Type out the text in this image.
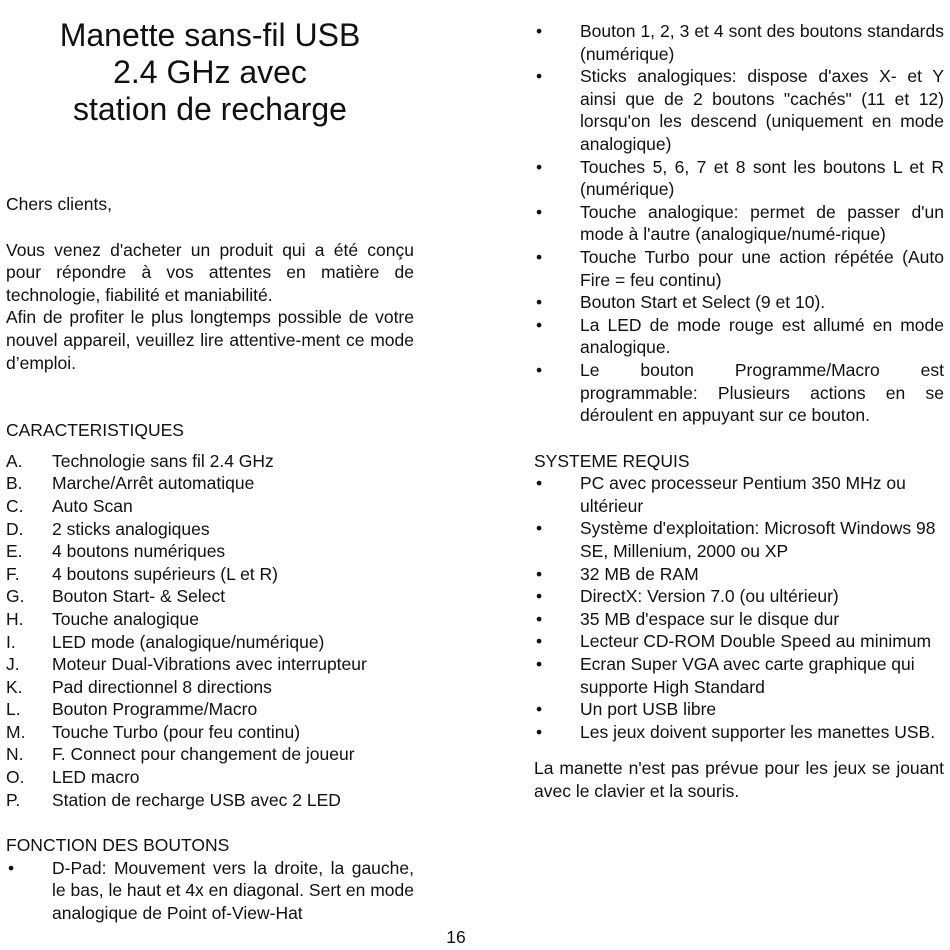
Manette sans-fil USB
2.4 GHz avec
station de recharge

Chers clients,

Vous venez d'acheter un produit qui a été conçu pour répondre à vos attentes en matière de technologie, fiabilité et maniabilité.

Afin de profiter le plus longtemps possible de votre nouvel appareil, veuillez lire attentive-ment ce mode d’emploi.

CARACTERISTIQUES

A.	Technologie sans fil 2.4 GHz
B.	Marche/Arrêt automatique
C.	Auto Scan
D.	2 sticks analogiques
E.	4 boutons numériques
F.	4 boutons supérieurs (L et R)
G.	Bouton Start- & Select
H.	Touche analogique
I.	LED mode (analogique/numérique)
J.	Moteur Dual-Vibrations avec interrupteur
K.	Pad directionnel 8 directions
L.	Bouton Programme/Macro
M.	Touche Turbo (pour feu continu)
N.	F. Connect pour changement de joueur
O.	LED macro
P.	Station de recharge USB avec 2 LED

FONCTION DES BOUTONS

•	D-Pad: Mouvement vers la droite, la gauche, le bas, le haut et 4x en diagonal. Sert en mode analogique de Point of-View-Hat
•	Bouton 1, 2, 3 et 4 sont des boutons standards (numérique)
•	Sticks analogiques: dispose d'axes X- et Y ainsi que de 2 boutons "cachés" (11 et 12) lorsqu'on les descend (uniquement en mode analogique)
•	Touches 5, 6, 7 et 8 sont les boutons L et R (numérique)
•	Touche analogique: permet de passer d'un mode à l'autre (analogique/numé-rique)
•	Touche Turbo pour une action répétée (Auto Fire = feu continu)
•	Bouton Start et Select (9 et 10).
•	La LED de mode rouge est allumé en mode analogique.
•	Le bouton Programme/Macro est programmable: Plusieurs actions en se déroulent en appuyant sur ce bouton.

SYSTEME REQUIS

•	PC avec processeur Pentium 350 MHz ou ultérieur
•	Système d'exploitation: Microsoft Windows 98 SE, Millenium, 2000 ou XP
•	32 MB de RAM
•	DirectX: Version 7.0 (ou ultérieur)
•	35 MB d'espace sur le disque dur
•	Lecteur CD-ROM Double Speed au minimum
•	Ecran Super VGA avec carte graphique qui supporte High Standard
•	Un port USB libre
•	Les jeux doivent supporter les manettes USB.

La manette n'est pas prévue pour les jeux se jouant avec le clavier et la souris.

16
